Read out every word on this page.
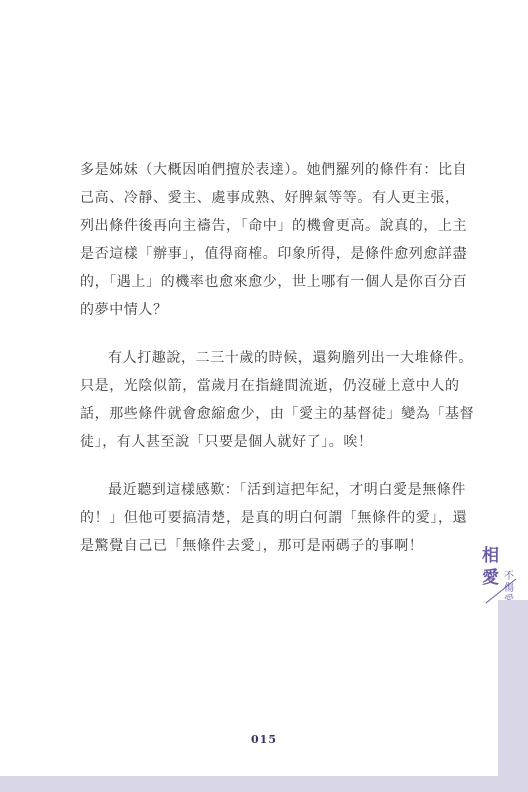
多是姊妹（大概因咱們擅於表達）。她們羅列的條件有：比自
己高、冷靜、愛主、處事成熟、好脾氣等等。有人更主張，
列出條件後再向主禱告，「命中」的機會更高。說真的，上主
是否這樣「辦事」，值得商榷。印象所得，是條件愈列愈詳盡
的，「遇上」的機率也愈來愈少，世上哪有一個人是你百分百
的夢中情人？
有人打趣說，二三十歲的時候，還夠膽列出一大堆條件。
只是，光陰似箭，當歲月在指縫間流逝，仍沒碰上意中人的
話，那些條件就會愈縮愈少，由「愛主的基督徒」變為「基督
徒」，有人甚至說「只要是個人就好了」。唉！
最近聽到這樣感歎：「活到這把年紀，才明白愛是無條件
的！」但他可要搞清楚，是真的明白何謂「無條件的愛」，還
是驚覺自己已「無條件去愛」，那可是兩碼子的事啊！	相
愛 不
傷
015
